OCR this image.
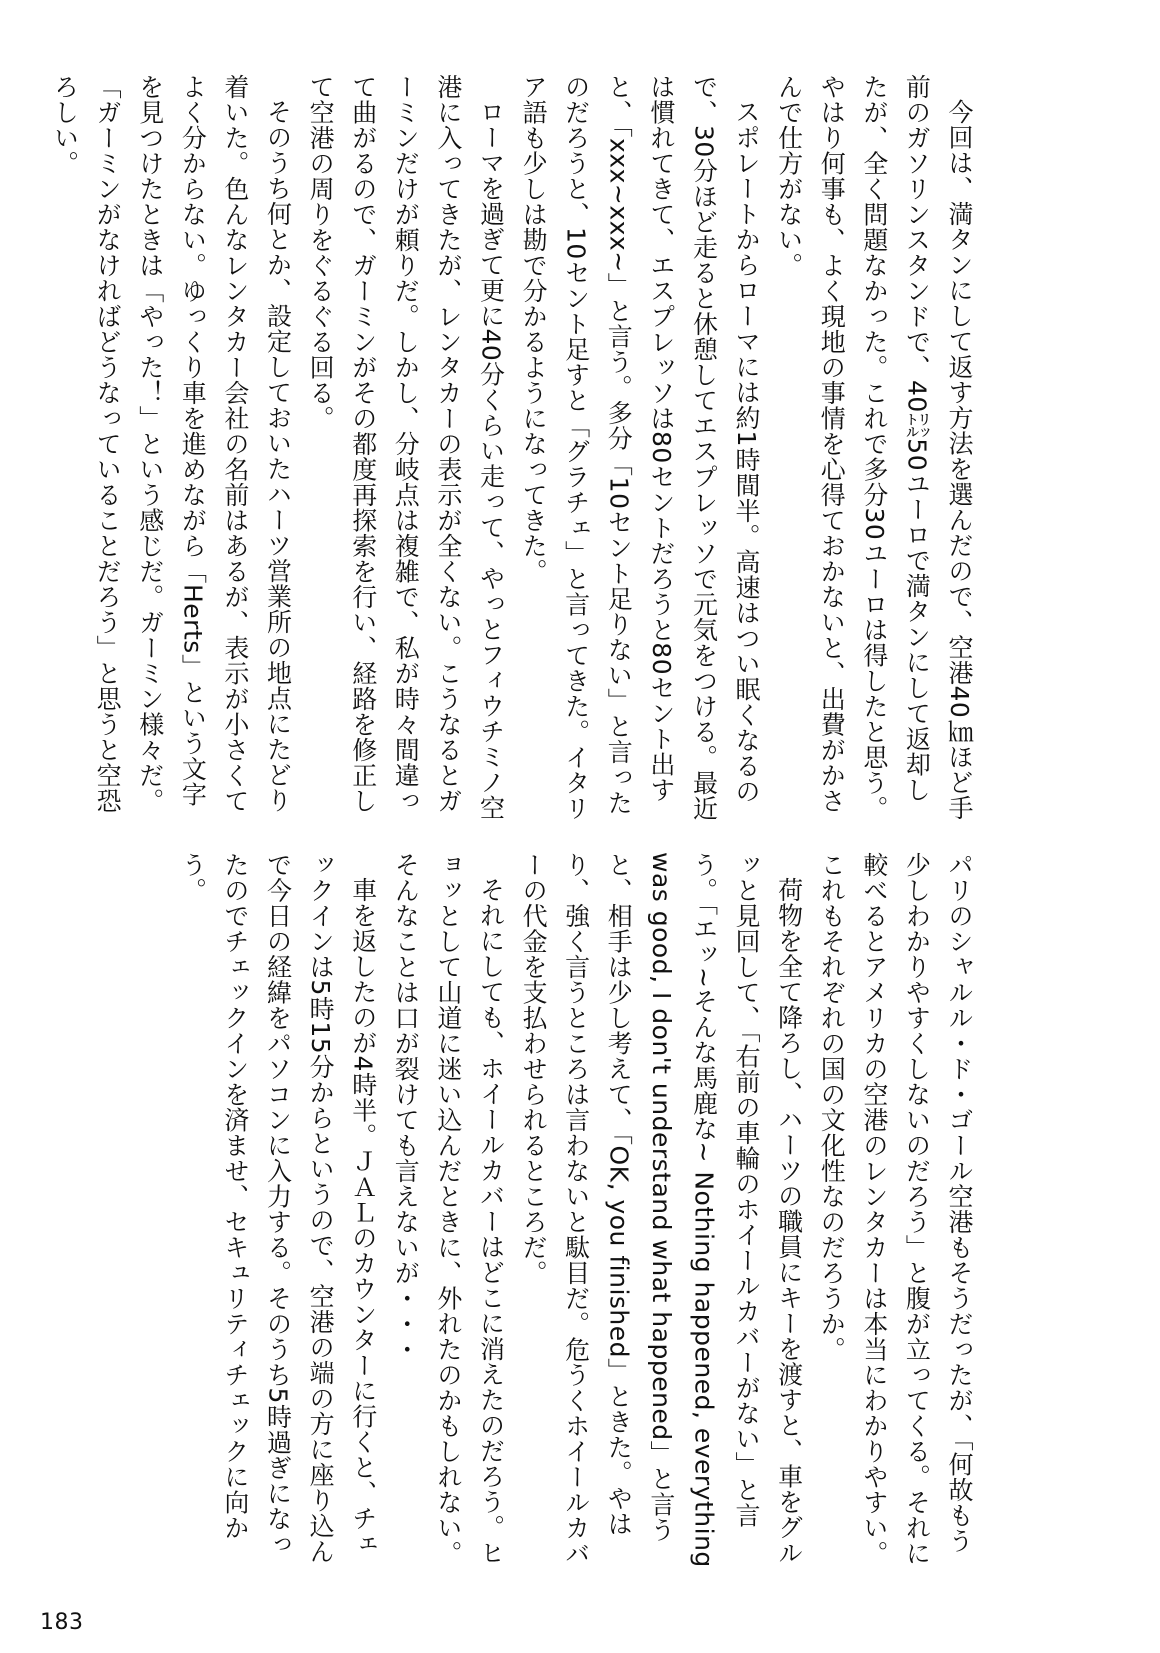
今回は、満タンにして返す方法を選んだので、空港40㎞ほど手前のガソリンスタンドで、40㍑50ユーロで満タンにして返却したが、全く問題なかった。これで多分30ユーロは得したと思う。やはり何事も、よく現地の事情を心得ておかないと、出費がかさんで仕方がない。

スポレートからローマには約1時間半。高速はつい眠くなるので、30分ほど走ると休憩してエスプレッソで元気をつける。最近は慣れてきて、エスプレッソは80セントだろうと80セント出すと、「xxx~xxx~」と言う。多分「10セント足りない」と言ったのだろうと、10セント足すと「グラチェ」と言ってきた。イタリア語も少しは勘で分かるようになってきた。

ローマを過ぎて更に40分くらい走って、やっとフィウチミノ空港に入ってきたが、レンタカーの表示が全くない。こうなるとガーミンだけが頼りだ。しかし、分岐点は複雑で、私が時々間違って曲がるので、ガーミンがその都度再探索を行い、経路を修正して空港の周りをぐるぐる回る。

そのうち何とか、設定しておいたハーツ営業所の地点にたどり着いた。色んなレンタカー会社の名前はあるが、表示が小さくてよく分からない。ゆっくり車を進めながら「Herts」という文字を見つけたときは「やった！」という感じだ。ガーミン様々だ。「ガーミンがなければどうなっていることだろう」と思うと空恐ろしい。

パリのシャルル・ド・ゴール空港もそうだったが、「何故もう少しわかりやすくしないのだろう」と腹が立ってくる。それに較べるとアメリカの空港のレンタカーは本当にわかりやすい。これもそれぞれの国の文化性なのだろうか。

荷物を全て降ろし、ハーツの職員にキーを渡すと、車をグルッと見回して、「右前の車輪のホイールカバーがない」と言う。「エッ~そんな馬鹿な~ Nothing happened, everything was good, I don't understand what happened」と言うと、相手は少し考えて、「OK, you finished」ときた。やはり、強く言うところは言わないと駄目だ。危うくホイールカバーの代金を支払わせられるところだ。

それにしても、ホイールカバーはどこに消えたのだろう。ヒョッとして山道に迷い込んだときに、外れたのかもしれない。そんなことは口が裂けても言えないが・・・

車を返したのが4時半。ＪＡＬのカウンターに行くと、チェックインは5時15分からというので、空港の端の方に座り込んで今日の経緯をパソコンに入力する。そのうち5時過ぎになったのでチェックインを済ませ、セキュリティチェックに向かう。

183
